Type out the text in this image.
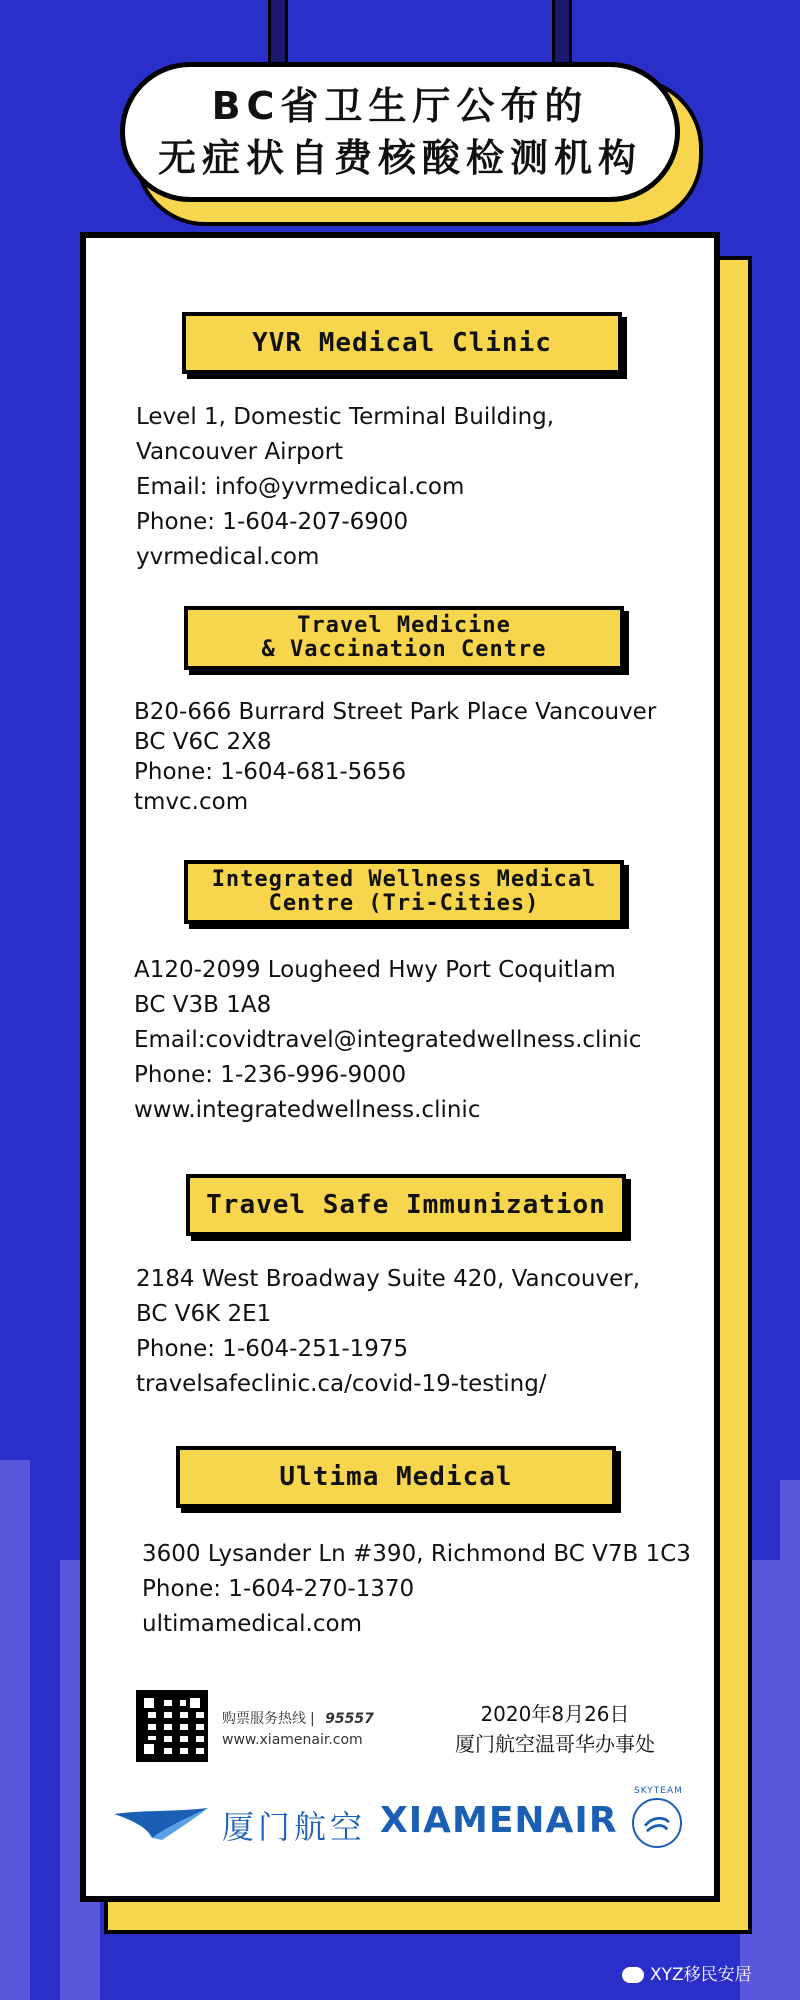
BC省卫生厅公布的
无症状自费核酸检测机构
YVR Medical Clinic
Level 1, Domestic Terminal Building,
Vancouver Airport
Email: info@yvrmedical.com
Phone: 1-604-207-6900
yvrmedical.com
Travel Medicine
& Vaccination Centre
B20-666 Burrard Street Park Place Vancouver
BC V6C 2X8
Phone: 1-604-681-5656
tmvc.com
Integrated Wellness Medical
Centre (Tri-Cities)
A120-2099 Lougheed Hwy Port Coquitlam
BC V3B 1A8
Email:covidtravel@integratedwellness.clinic
Phone: 1-236-996-9000
www.integratedwellness.clinic
Travel Safe Immunization
2184 West Broadway Suite 420, Vancouver,
BC V6K 2E1
Phone: 1-604-251-1975
travelsafeclinic.ca/covid-19-testing/
Ultima Medical
3600 Lysander Ln #390, Richmond BC V7B 1C3
Phone: 1-604-270-1370
ultimamedical.com
购票服务热线 | 95557
www.xiamenair.com
2020年8月26日
厦门航空温哥华办事处
厦门航空 XIAMENAIR
SKYTEAM
XYZ移民安居
